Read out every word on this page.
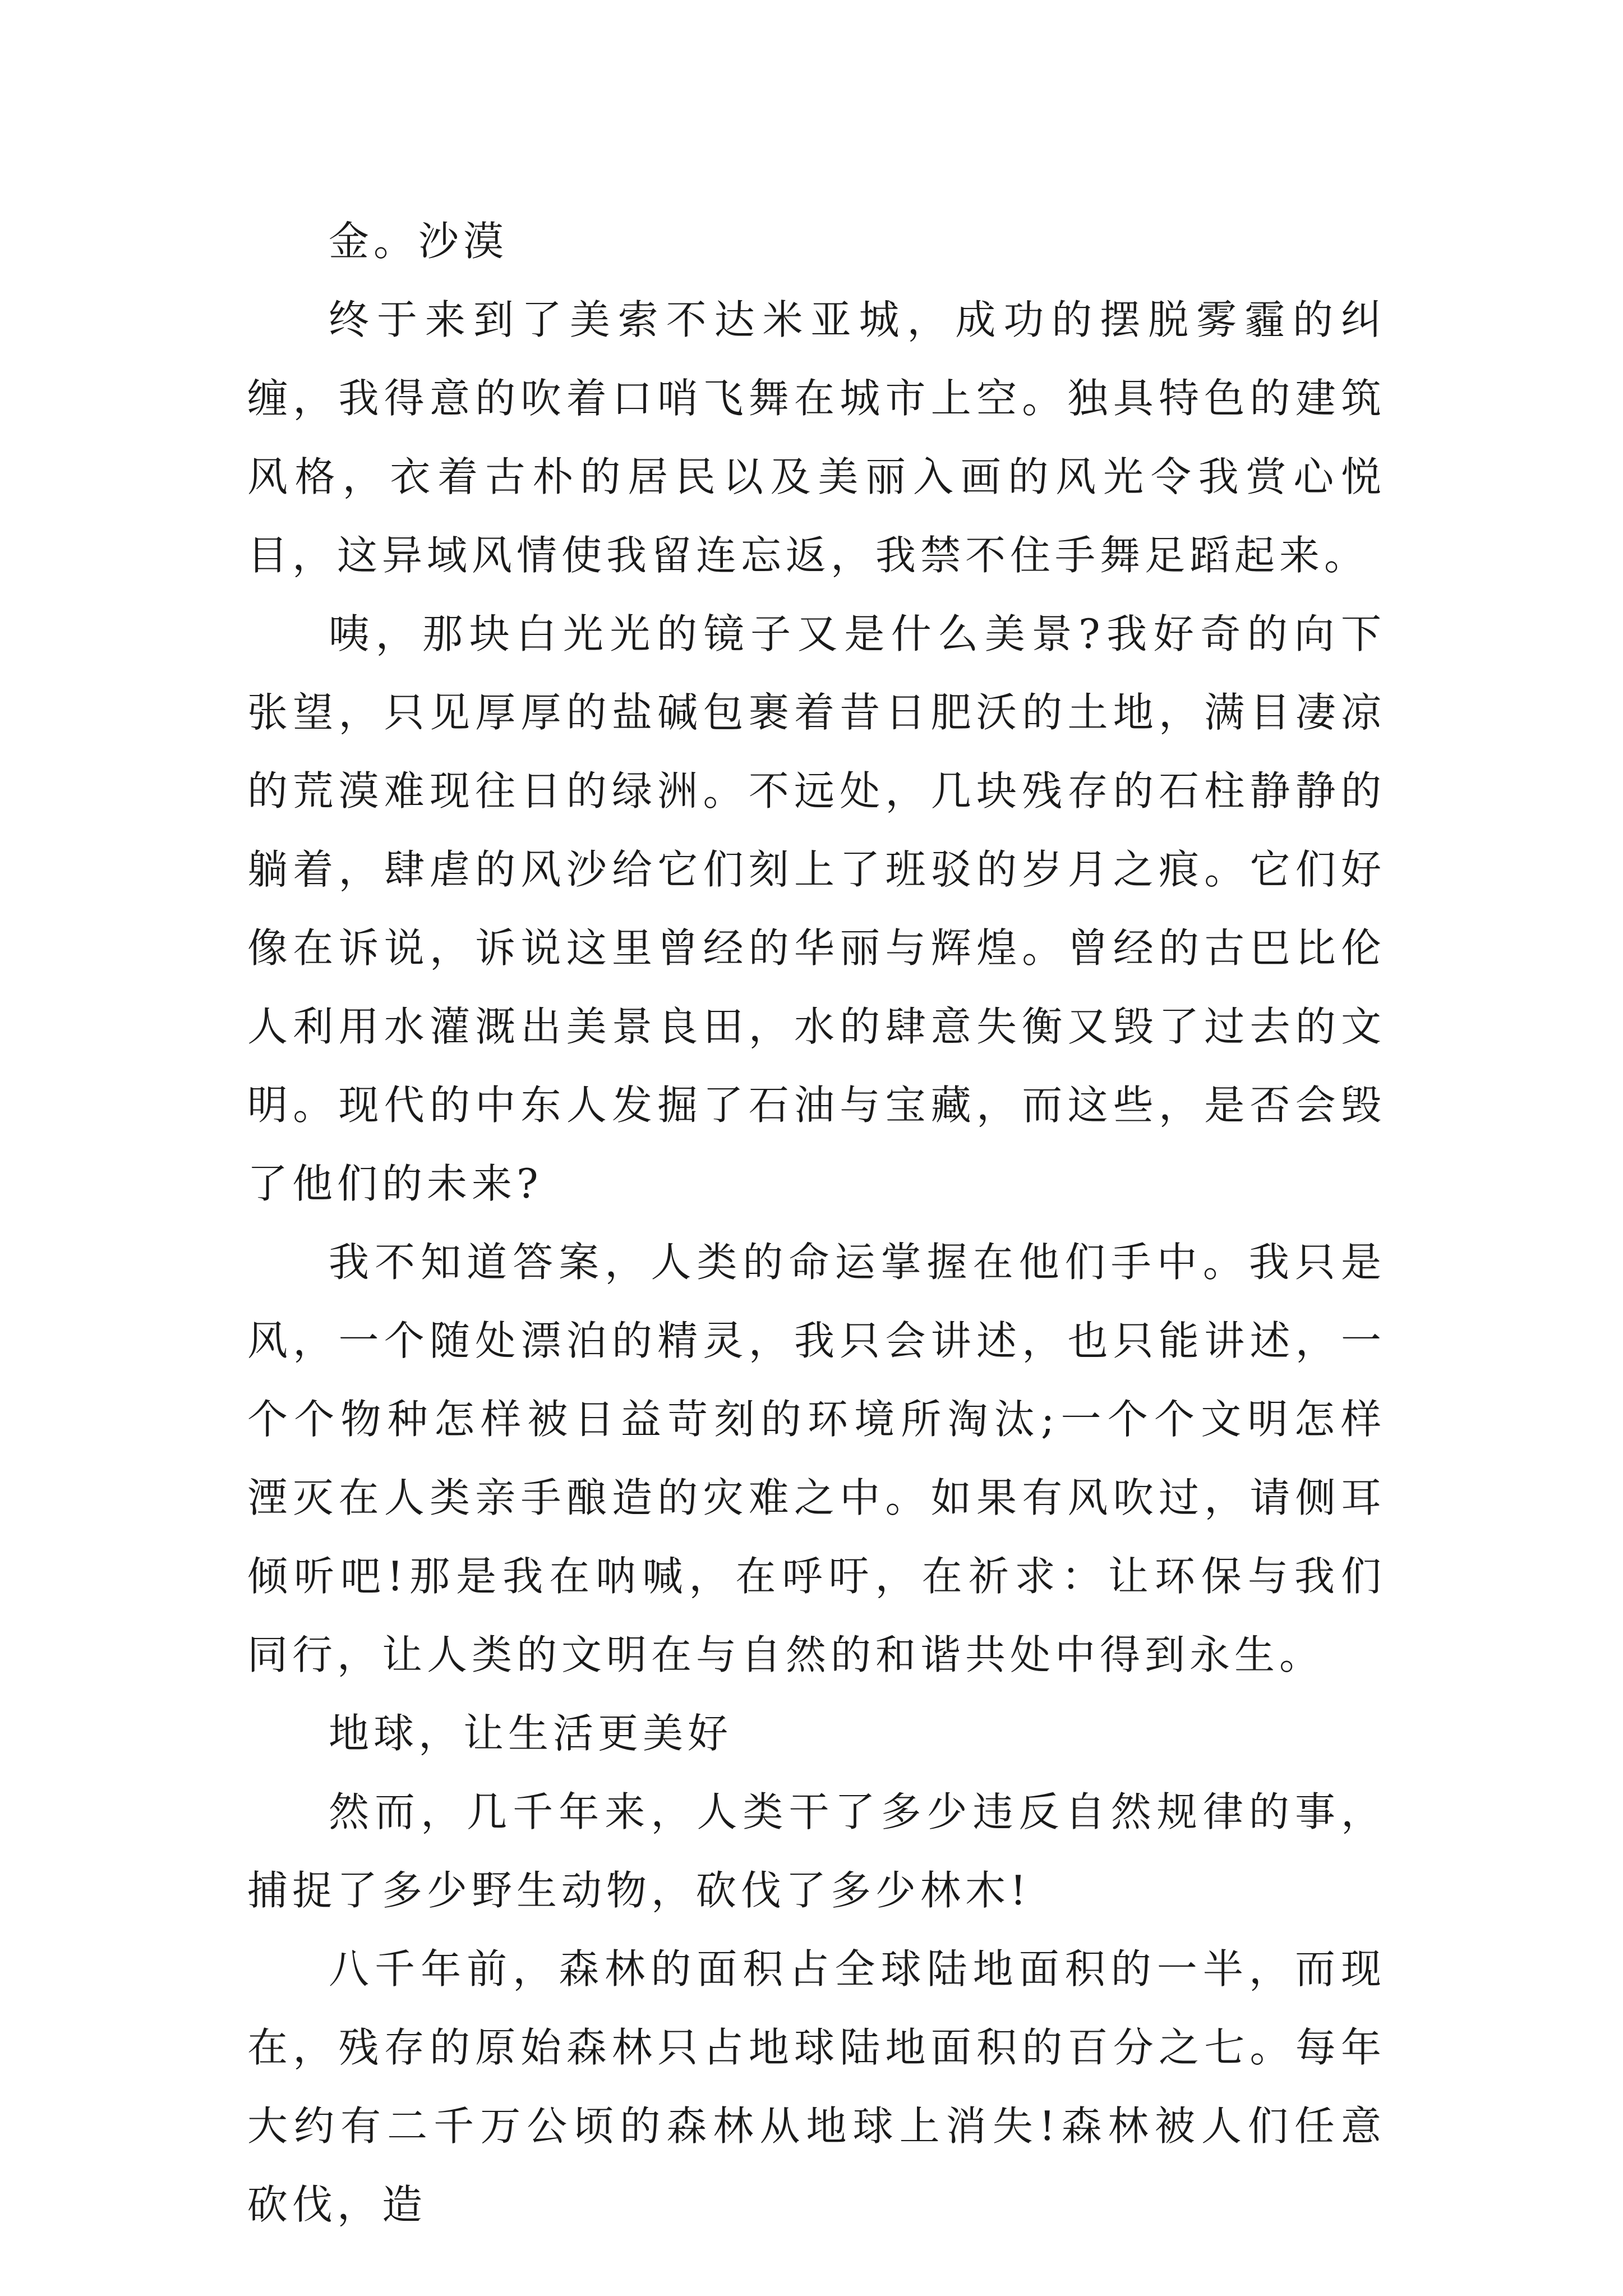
金。沙漠

终于来到了美索不达米亚城，成功的摆脱雾霾的纠缠，我得意的吹着口哨飞舞在城市上空。独具特色的建筑风格，衣着古朴的居民以及美丽入画的风光令我赏心悦目，这异域风情使我留连忘返，我禁不住手舞足蹈起来。

咦，那块白光光的镜子又是什么美景?我好奇的向下张望，只见厚厚的盐碱包裹着昔日肥沃的土地，满目凄凉的荒漠难现往日的绿洲。不远处，几块残存的石柱静静的躺着，肆虐的风沙给它们刻上了班驳的岁月之痕。它们好像在诉说，诉说这里曾经的华丽与辉煌。曾经的古巴比伦人利用水灌溉出美景良田，水的肆意失衡又毁了过去的文明。现代的中东人发掘了石油与宝藏，而这些，是否会毁了他们的未来?

我不知道答案，人类的命运掌握在他们手中。我只是风，一个随处漂泊的精灵，我只会讲述，也只能讲述，一个个物种怎样被日益苛刻的环境所淘汰;一个个文明怎样湮灭在人类亲手酿造的灾难之中。如果有风吹过，请侧耳倾听吧!那是我在呐喊，在呼吁，在祈求：让环保与我们同行，让人类的文明在与自然的和谐共处中得到永生。

地球，让生活更美好

然而，几千年来，人类干了多少违反自然规律的事，捕捉了多少野生动物，砍伐了多少林木!

八千年前，森林的面积占全球陆地面积的一半，而现在，残存的原始森林只占地球陆地面积的百分之七。每年大约有二千万公顷的森林从地球上消失!森林被人们任意砍伐，造
